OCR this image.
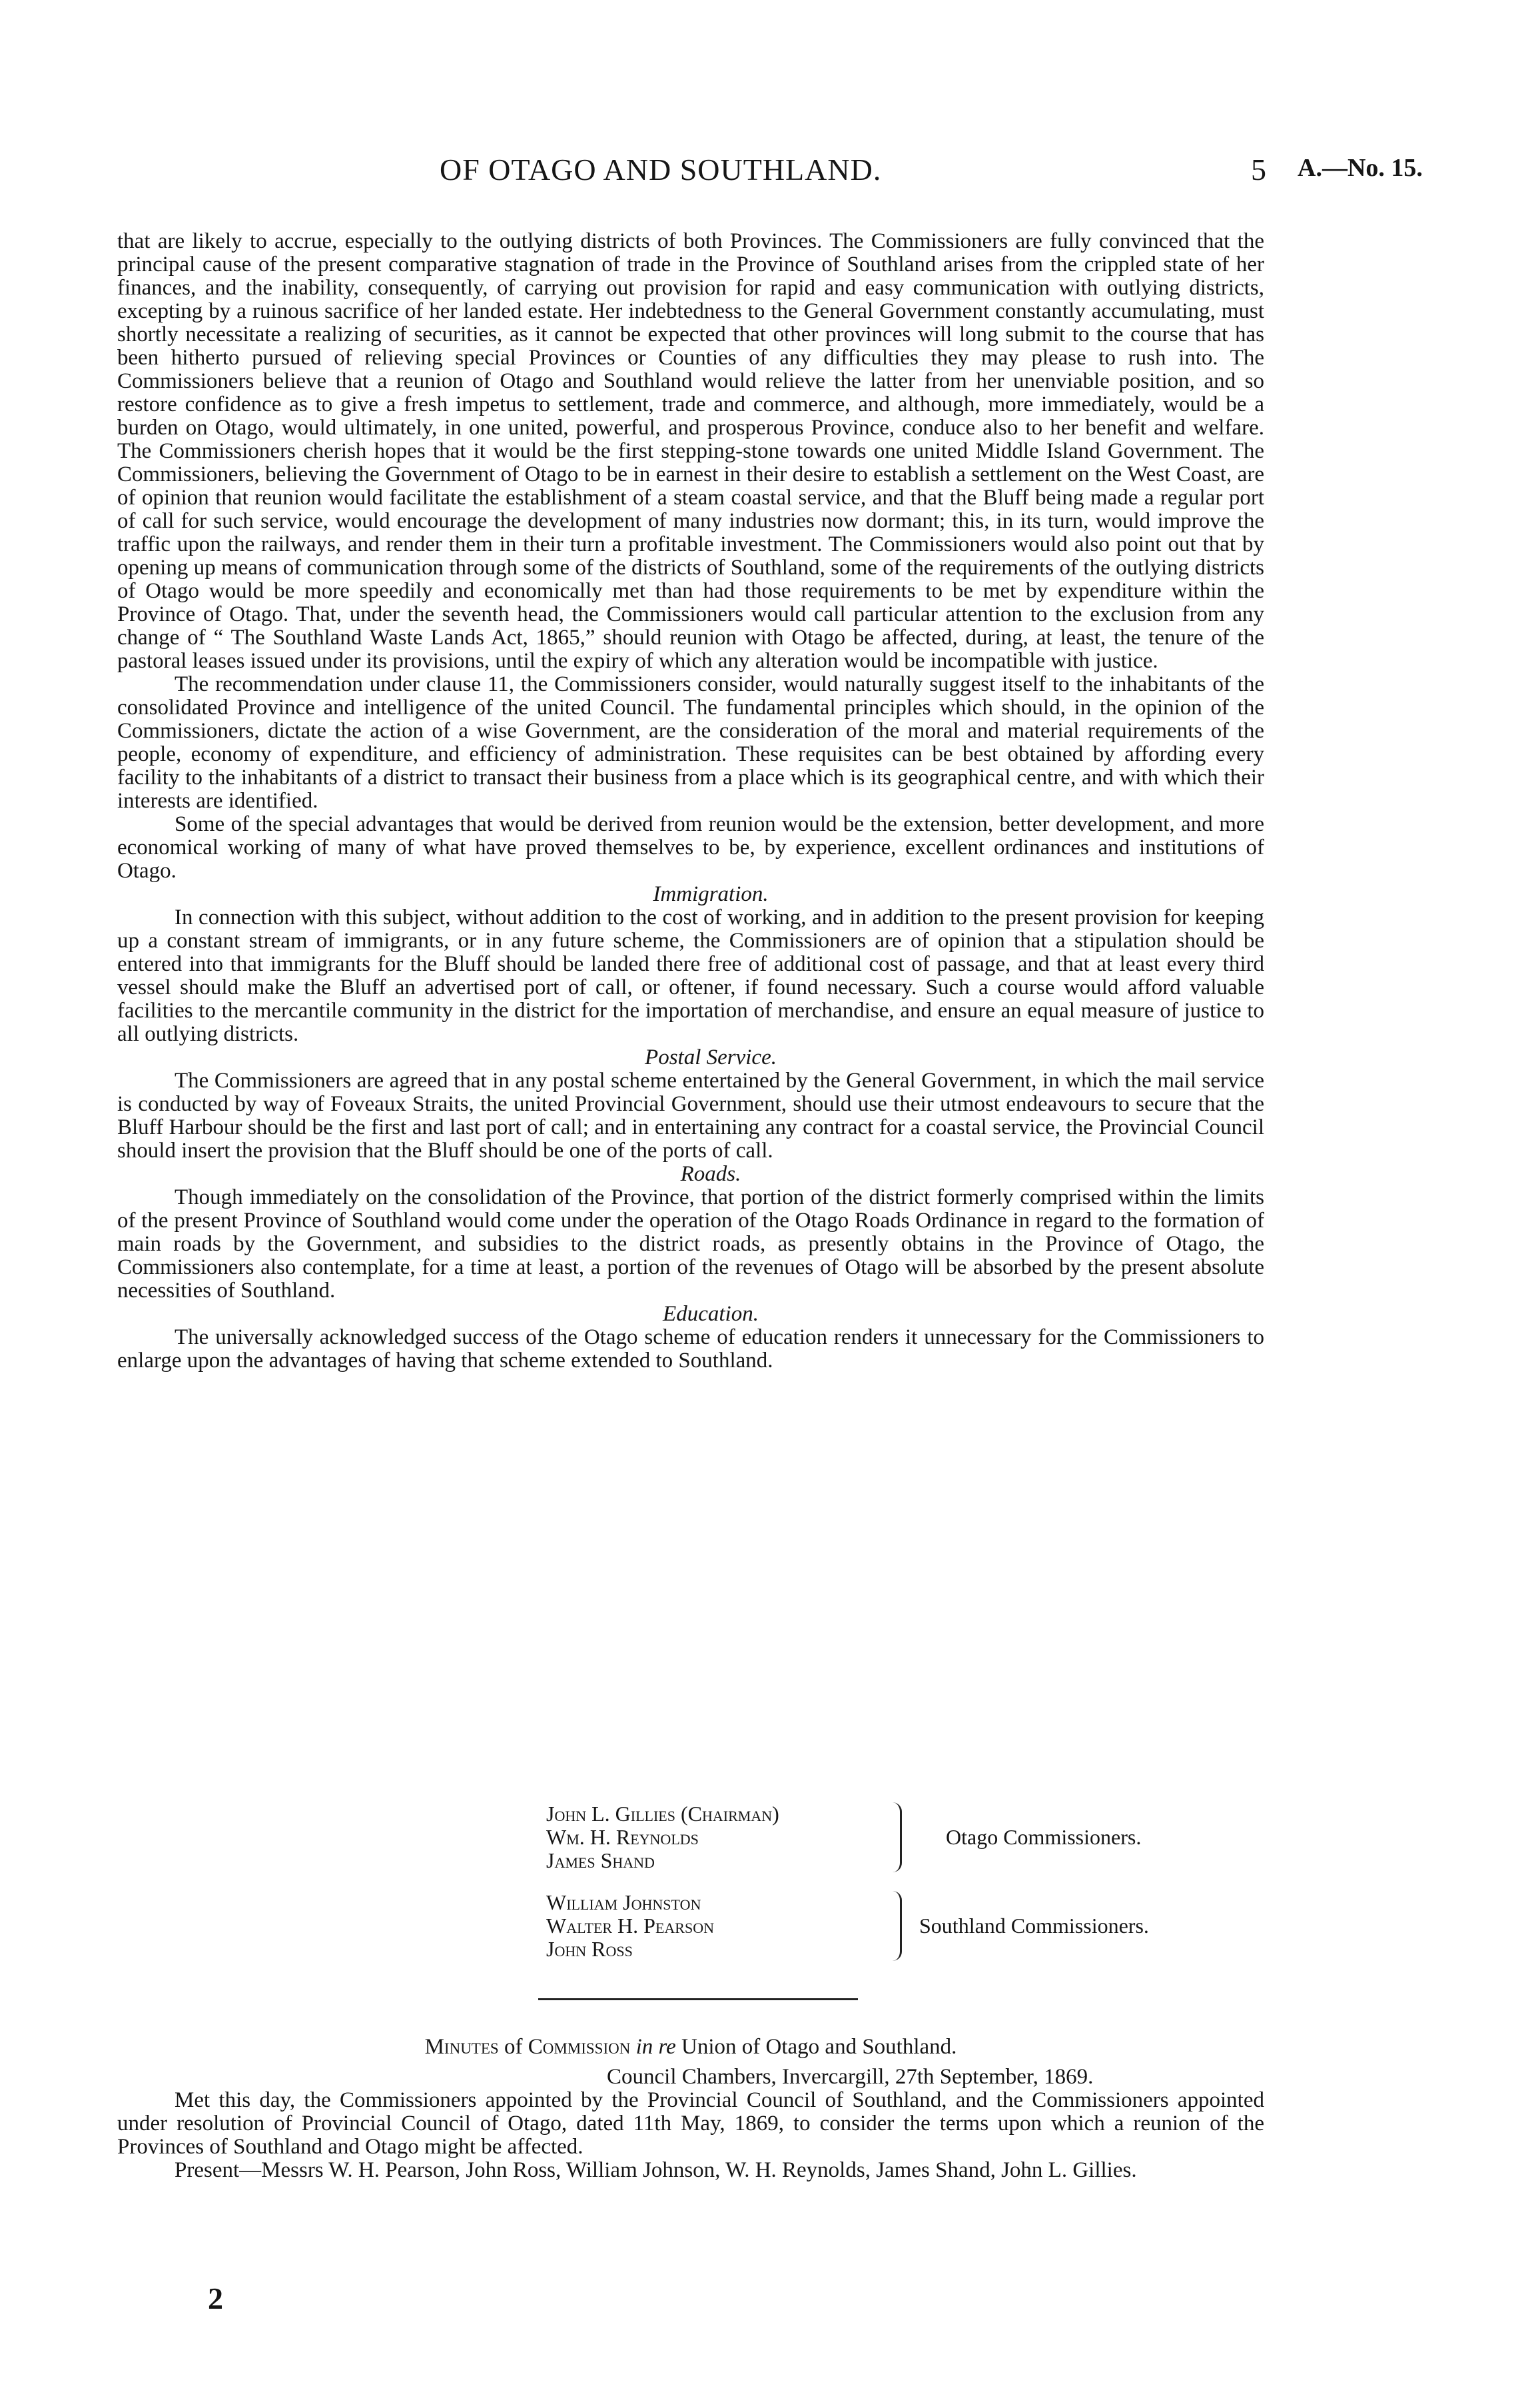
OF OTAGO AND SOUTHLAND.	5 A.—No. 15.

that are likely to accrue, especially to the outlying districts of both Provinces. The Commissioners are fully convinced that the principal cause of the present comparative stagnation of trade in the Province of Southland arises from the crippled state of her finances, and the inability, consequently, of carrying out provision for rapid and easy communication with outlying districts, excepting by a ruinous sacrifice of her landed estate. Her indebtedness to the General Government constantly accumulating, must shortly necessitate a realizing of securities, as it cannot be expected that other provinces will long submit to the course that has been hitherto pursued of relieving special Provinces or Counties of any difficulties they may please to rush into. The Commissioners believe that a reunion of Otago and Southland would relieve the latter from her unenviable position, and so restore confidence as to give a fresh impetus to settlement, trade and commerce, and although, more immediately, would be a burden on Otago, would ultimately, in one united, powerful, and prosperous Province, conduce also to her benefit and welfare. The Commissioners cherish hopes that it would be the first stepping-stone towards one united Middle Island Government. The Commissioners, believing the Government of Otago to be in earnest in their desire to establish a settlement on the West Coast, are of opinion that reunion would facilitate the establishment of a steam coastal service, and that the Bluff being made a regular port of call for such service, would encourage the development of many industries now dormant; this, in its turn, would improve the traffic upon the railways, and render them in their turn a profitable investment. The Commissioners would also point out that by opening up means of communication through some of the districts of Southland, some of the requirements of the outlying districts of Otago would be more speedily and economically met than had those requirements to be met by expenditure within the Province of Otago. That, under the seventh head, the Commissioners would call particular attention to the exclusion from any change of “ The Southland Waste Lands Act, 1865,” should reunion with Otago be affected, during, at least, the tenure of the pastoral leases issued under its provisions, until the expiry of which any alteration would be incompatible with justice.

The recommendation under clause 11, the Commissioners consider, would naturally suggest itself to the inhabitants of the consolidated Province and intelligence of the united Council. The fundamental principles which should, in the opinion of the Commissioners, dictate the action of a wise Government, are the consideration of the moral and material requirements of the people, economy of expenditure, and efficiency of administration. These requisites can be best obtained by affording every facility to the inhabitants of a district to transact their business from a place which is its geographical centre, and with which their interests are identified.

Some of the special advantages that would be derived from reunion would be the extension, better development, and more economical working of many of what have proved themselves to be, by experience, excellent ordinances and institutions of Otago.

Immigration.

In connection with this subject, without addition to the cost of working, and in addition to the present provision for keeping up a constant stream of immigrants, or in any future scheme, the Commissioners are of opinion that a stipulation should be entered into that immigrants for the Bluff should be landed there free of additional cost of passage, and that at least every third vessel should make the Bluff an advertised port of call, or oftener, if found necessary. Such a course would afford valuable facilities to the mercantile community in the district for the importation of merchandise, and ensure an equal measure of justice to all outlying districts.

Postal Service.

The Commissioners are agreed that in any postal scheme entertained by the General Government, in which the mail service is conducted by way of Foveaux Straits, the united Provincial Government, should use their utmost endeavours to secure that the Bluff Harbour should be the first and last port of call; and in entertaining any contract for a coastal service, the Provincial Council should insert the provision that the Bluff should be one of the ports of call.

Roads.

Though immediately on the consolidation of the Province, that portion of the district formerly comprised within the limits of the present Province of Southland would come under the operation of the Otago Roads Ordinance in regard to the formation of main roads by the Government, and subsidies to the district roads, as presently obtains in the Province of Otago, the Commissioners also contemplate, for a time at least, a portion of the revenues of Otago will be absorbed by the present absolute necessities of Southland.

Education.

The universally acknowledged success of the Otago scheme of education renders it unnecessary for the Commissioners to enlarge upon the advantages of having that scheme extended to Southland.

John L. Gillies (Chairman)
Wm. H. Reynolds
James Shand
Otago Commissioners.
William Johnston
Walter H. Pearson
John Ross
Southland Commissioners.

Minutes of Commission in re Union of Otago and Southland.

Council Chambers, Invercargill, 27th September, 1869.

Met this day, the Commissioners appointed by the Provincial Council of Southland, and the Commissioners appointed under resolution of Provincial Council of Otago, dated 11th May, 1869, to consider the terms upon which a reunion of the Provinces of Southland and Otago might be affected.

Present—Messrs W. H. Pearson, John Ross, William Johnson, W. H. Reynolds, James Shand, John L. Gillies.

2
